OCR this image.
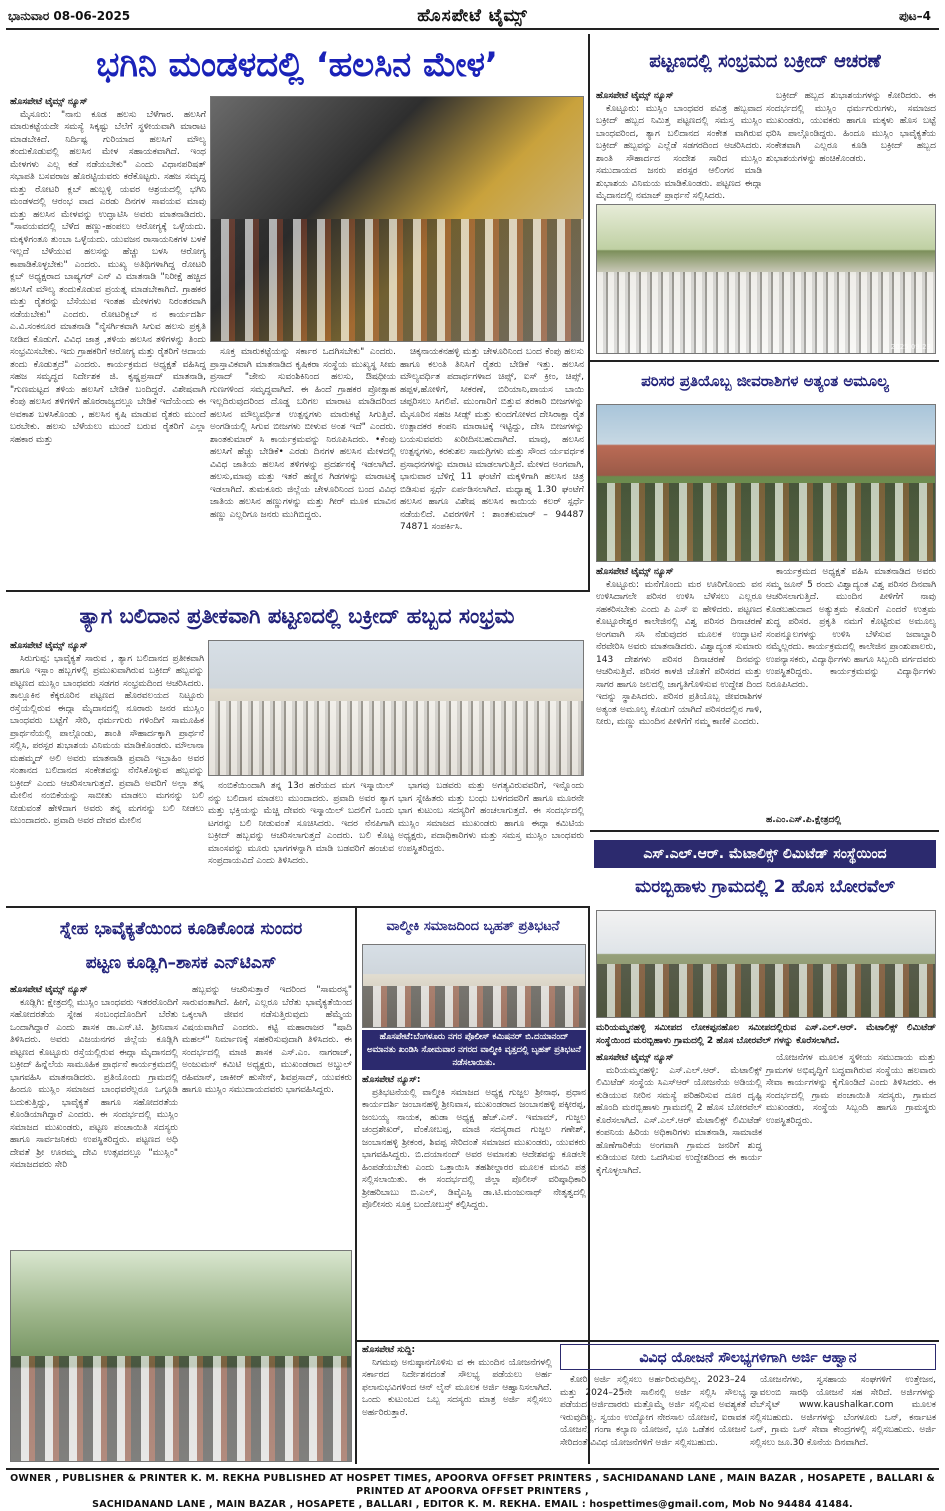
ಭಾನುವಾರ 08-06-2025	ಹೊಸಪೇಟೆ ಟೈಮ್ಸ್	ಪುಟ–4
ಭಗಿನಿ ಮಂಡಳದಲ್ಲಿ ‘ಹಲಸಿನ ಮೇಳ’
ಹೊಸಪೇಟೆ ಟೈಮ್ಸ್ ನ್ಯೂಸ್

ಮೈಸೂರು: "ನಾನು ಕೂಡ ಹಲಸು ಬೆಳೆಗಾರ. ಹಲಸಿಗೆ ಮಾರುಕಟ್ಟೆಯದೇ ಸಮಸ್ಯೆ ಸಿಕ್ಕಷ್ಟು ಬೆಲೆಗೆ ಸ್ಥಳೀಯವಾಗಿ ಮಾರಾಟ ಮಾಡಬೇಕಿದೆ. ನಿರ್ದಿಷ್ಟ ಗುರಿಯಾದ ಹಲಸಿಗೆ ಮೌಲ್ಯ ತಂದುಕೊಡುವಲ್ಲಿ ಹಲಸಿನ ಮೇಳ ಸಹಾಯಕವಾಗಿದೆ. ಇಂಥ ಮೇಳಗಳು ಎಲ್ಲ ಕಡೆ ನಡೆಯಬೇಕು" ಎಂದು ವಿಧಾನಪರಿಷತ್ ಸಭಾಪತಿ ಬಸವರಾಜ ಹೊರಟ್ಟಿಯವರು ಕರೆಕೊಟ್ಟರು. ಸಹಜ ಸಮೃದ್ಧ ಮತ್ತು ರೋಟರಿ ಕ್ಲಬ್ ಹುಬ್ಬಳ್ಳಿ ಯವರ ಆಶ್ರಯದಲ್ಲಿ ಭಗಿನಿ ಮಂಡಳದಲ್ಲಿ ಆರಂಭ ವಾದ ಎರಡು ದಿನಗಳ ಸಾವಯವ ಮಾವು ಮತ್ತು ಹಲಸಿನ ಮೇಳವನ್ನು ಉದ್ಘಾಟಿಸಿ ಅವರು ಮಾತನಾಡಿದರು. "ಸಾವಯವದಲ್ಲಿ ಬೆಳೆದ ಹಣ್ಣು-ಹಂಪಲು ಆರೋಗ್ಯಕ್ಕೆ ಒಳ್ಳೆಯದು. ಮಕ್ಕಳಿಗಂತೂ ತುಂಬಾ ಒಳ್ಳೆಯದು. ಯುವಜನ ರಾಸಾಯನಿಕಗಳ ಬಳಕೆ ಇಲ್ಲದೆ ಬೆಳೆಯುವ ಹಲಸನ್ನು ಹೆಚ್ಚು ಬಳಸಿ ಆರೋಗ್ಯ ಕಾಪಾಡಿಕೊಳ್ಳಬೇಕು" ಎಂದರು. ಮುಖ್ಯ ಅತಿಥಿಗಳಾಗಿದ್ದ ರೋಟರಿ ಕ್ಲಬ್ ಅಧ್ಯಕ್ಷರಾದ ಬಾಷ್ಯಗರ್ ಎನ್ ವಿ ಮಾತನಾಡಿ "ನಿರೀಕ್ಷೆ ಹಚ್ಚಿದ ಹಲಸಿಗೆ ಮೌಲ್ಯ ತಂದುಕೊಡುವ ಪ್ರಯತ್ನ ಮಾಡಬೇಕಾಗಿದೆ. ಗ್ರಾಹಕರ ಮತ್ತು ರೈತರನ್ನು ಬೆಸೆಯುವ ಇಂತಹ ಮೇಳಗಳು ನಿರಂತರವಾಗಿ ನಡೆಯಬೇಕು" ಎಂದರು. ರೋಟರಿಕ್ಲಬ್ ನ ಕಾರ್ಯದರ್ಶಿ ಎ.ವಿ.ಸಂಕನೂರ ಮಾತನಾಡಿ "ನೈಸರ್ಗಿಕವಾಗಿ ಸಿಗುವ ಹಲಸು ಪ್ರಕೃತಿ ನೀಡಿದ ಕೊಡುಗೆ. ವಿವಿಧ ಜಾತ್ರ ,ತಳಿಯ ಹಲಸಿನ ತಳಿಗಳನ್ನು ತಿಂದು ಸಂಭ್ರಮಿಸಬೇಕು. ಇದು ಗ್ರಾಹಕರಿಗೆ ಆರೋಗ್ಯ ಮತ್ತು ರೈತರಿಗೆ ಆದಾಯ ತಂದು ಕೊಡುತ್ತದೆ" ಎಂದರು. ಕಾರ್ಯಕ್ರಮದ ಅಧ್ಯಕ್ಷತೆ ವಹಿಸಿದ್ದ ಸಹಜ ಸಮೃದ್ಧದ ನಿರ್ದೇಶಕ ಜಿ. ಕೃಷ್ಣಪ್ರಸಾದ್ ಮಾತನಾಡಿ, "ಗುಣಮಟ್ಟದ ತಳಿಯ ಹಲಸಿಗೆ ಬೇಡಿಕೆ ಬಂದಿದ್ದರೆ. ವಿಶೇಷವಾಗಿ ಕೆಂಪು ಹಲಸಿನ ತಳಿಗಳಿಗೆ ಹೊರರಾಜ್ಯದಲ್ಲೂ ಬೇಡಿಕೆ ಇದೆಯೆಂದು ಈ ಅವಕಾಶ ಬಳಸಿಕೊಂಡು , ಹಲಸಿನ ಕೃಷಿ ಮಾಡುವ ರೈತರು ಮುಂದೆ ಬರಬೇಕು. ಹಲಸು ಬೆಳೆಯಲು ಮುಂದೆ ಬರುವ ರೈತರಿಗೆ ಎಲ್ಲಾ ಸಹಕಾರ ಮತ್ತು

ಸೂಕ್ತ ಮಾರುಕಟ್ಟೆಯನ್ನು ಸರ್ಕಾರ ಒದಗಿಸಬೇಕು" ಎಂದರು. ಪ್ರಾಸ್ತಾವಿಕವಾಗಿ ಮಾತನಾಡಿದ ಕೃಷಿಕರಾ ಸಂಸ್ಥೆಯ ಮುಖ್ಯಸ್ಥ ಸೀಮ ಪ್ರಸಾದ್ "ಜೇನು ಸುವಂಶಿಕಿನಿಂದ ಹಲಸು, ಔಷಧೀಯ ಗುಣಗಳಿಂದ ಸಮೃದ್ಧವಾಗಿದೆ. ಈ ಹಿಂದೆ ಗ್ರಾಹಕರ ಪ್ರೋತ್ಸಾಹ ಇಲ್ಲದಿರುವುದರಿಂದ ದೊಡ್ಡ ಬರಿಗಲ ಮಾರಾಟ ಮಾಡಿದರಿಂದ ಹಲಸಿನ ಮೌಲ್ಯವರ್ಧಿತ ಉತ್ಪನ್ನಗಳು ಮಾರುಕಟ್ಟೆ ಸಿಗುತ್ತಿವೆ. ಅಂಗಡಿಯಲ್ಲಿ ಸಿಗುವ ಬೀಜಗಳು ಬೀಳುವ ಅಂಶ ಇದೆ" ಎಂದರು. ಶಾಂತಕುಮಾರ್ ಸಿ ಕಾರ್ಯಕ್ರಮವನ್ನು ನಿರೂಪಿಸಿದರು. •ಕೆಂಪು ಹಲಸಿಗೆ ಹೆಚ್ಚು ಬೇಡಿಕೆ• ಎರಡು ದಿನಗಳ ಹಲಸಿನ ಮೇಳದಲ್ಲಿ ವಿವಿಧ ಜಾತಿಯ ಹಲಸಿನ ತಳಿಗಳನ್ನು ಪ್ರದರ್ಶನಕ್ಕೆ ಇಡಲಾಗಿದೆ. ಹಲಸು,ಮಾವು ಮತ್ತು ಇತರೆ ಹಣ್ಣಿನ ಗಿಡಗಳನ್ನು ಮಾರಾಟಕ್ಕೆ ಇಡಲಾಗಿದೆ. ತುಮಕೂರು ಜಿಲ್ಲೆಯ ಚೇಳೂರಿನಿಂದ ಬಂದ ವಿವಿಧ ಜಾತಿಯ ಹಲಸಿನ ಹಣ್ಣುಗಳನ್ನು ಮತ್ತು ಗೀರ್ ಮೂಕ ಮಾವಿನ ಹಣ್ಣು ಎಲ್ಲರಿಗೂ ಜನರು ಮುಗಿಬಿದ್ದರು.

ಚಿಕ್ಕನಾಯಕನಹಳ್ಳಿ ಮತ್ತು ಚೇಳೂರಿನಿಂದ ಬಂದ ಕೆಂಪು ಹಲಸು ಹಾಗೂ ಕಲಂತಿ ತಿನಿಸಿಗೆ ರೈತರು ಬೇಡಿಕೆ ಇತ್ತು. ಹಲಸಿನ ಮೌಲ್ಯವರ್ಧಿತ ಪದಾರ್ಥಗಳಾದ ಚಿಪ್ಸ್, ಐಸ್ ಕ್ರೀಂ, ಚಿಪ್ಸ್, ಹಪ್ಪಳ,ಹೋಳಿಗೆ, ಸೀಕರಣೆ, ಬಿರಿಯಾನಿ,ಪಾಯಸ ಬಾಯಿ ಚಪ್ಪರಿಸಲು ಸಿಗಲಿವೆ. ಮುಂಗಾರಿಗೆ ಬಿತ್ತುವ ತರಕಾರಿ ಬೀಜಗಳನ್ನು ಮೈಸೂರಿನ ಸಹಜ ಸೀಡ್ಸ್ ಮತ್ತು ಕುಂದಗೋಳದ ದೇಸಿರಾಕ್ಷಾ ರೈತ ಉತ್ಪಾದಕರ ಕಂಪನಿ ಮಾರಾಟಕ್ಕೆ ಇಟ್ಟಿದ್ದು, ದೇಸಿ ಬೀಜಗಳನ್ನು ಬಯಸುವವರು ಖರೀದಿಸಬಹುದಾಗಿದೆ. ಮಾವು, ಹಲಸಿನ ಉತ್ಪನ್ನಗಳು, ಕರಕುಶಲ ಸಾಮಗ್ರಿಗಳು ಮತ್ತು ಸೌಂದ ರ್ಯವರ್ಧಕ ಪ್ರಸಾಧನಗಳನ್ನು ಮಾರಾಟ ಮಾಡಲಾಗುತ್ತಿದೆ. ಮೇಳದ ಅಂಗವಾಗಿ, ಭಾನುವಾರ ಬೆಳಿಗ್ಗೆ 11 ಘಂಟೆಗೆ ಮಕ್ಕಳಿಗಾಗಿ ಹಲಸಿನ ಚಿತ್ರ ಬಿಡಿಸುವ ಸ್ಪರ್ಧೆ ಏರ್ಪಡಿಸಲಾಗಿದೆ. ಮಧ್ಯಾಹ್ನ 1.30 ಘಂಟೆಗೆ ಹಲಸಿನ ಹಾಗೂ ವಿಶೇಷ ಹಲಸಿನ ಕಾಯಿಯ ಕಲರ್ ಸ್ಪರ್ಧೆ ನಡೆಯಲಿದೆ. ವಿವರಗಳಿಗೆ : ಶಾಂತಕುಮಾರ್ – 94487 74871 ಸಂಪರ್ಕಿಸಿ.

ಪಟ್ಟಣದಲ್ಲಿ ಸಂಭ್ರಮದ ಬಕ್ರೀದ್ ಆಚರಣೆ
ಹೊಸಪೇಟೆ ಟೈಮ್ಸ್ ನ್ಯೂಸ್

ಕೊಟ್ಟೂರು: ಮುಸ್ಲಿಂ ಬಾಂಧವರ ಪವಿತ್ರ ಹಬ್ಬವಾದ ಬಕ್ರೀದ್ ಹಬ್ಬದ ನಿಮಿತ್ತ ಪಟ್ಟಣದಲ್ಲಿ ಸಮಸ್ತ ಮುಸ್ಲಿಂ ಬಾಂಧವರಿಂದ, ತ್ಯಾಗ ಬಲಿದಾನದ ಸಂಕೇತ ವಾಗಿರುವ ಬಕ್ರೀದ್ ಹಬ್ಬವನ್ನು ಎಲ್ಲೆಡೆ ಸಡಗರದಿಂದ ಆಚರಿಸಿದರು. ಶಾಂತಿ ಸೌಹಾರ್ದದ ಸಂದೇಶ ಸಾರಿದ ಮುಸ್ಲಿಂ ಸಮುದಾಯದ ಜನರು ಪರಸ್ಪರ ಆಲಿಂಗನ ಮಾಡಿ ಶುಭಾಶಯ ವಿನಿಮಯ ಮಾಡಿಕೊಂಡರು. ಪಟ್ಟಣದ ಈದ್ಗಾ ಮೈದಾನದಲ್ಲಿ ನಮಾಜ್ ಪ್ರಾರ್ಥನೆ ಸಲ್ಲಿಸಿದರು.

ಬಕ್ರೀದ್ ಹಬ್ಬದ ಶುಭಾಶಯಗಳನ್ನು ಕೋರಿದರು. ಈ ಸಂದರ್ಭದಲ್ಲಿ ಮುಸ್ಲಿಂ ಧರ್ಮಗುರುಗಳು, ಸಮಾಜದ ಮುಖಂಡರು, ಯುವಕರು ಹಾಗೂ ಮಕ್ಕಳು ಹೊಸ ಬಟ್ಟೆ ಧರಿಸಿ ಪಾಲ್ಗೊಂಡಿದ್ದರು. ಹಿಂದೂ ಮುಸ್ಲಿಂ ಭಾವೈಕ್ಯತೆಯ ಸಂಕೇತವಾಗಿ ಎಲ್ಲರೂ ಕೂಡಿ ಬಕ್ರೀದ್ ಹಬ್ಬದ ಶುಭಾಶಯಗಳನ್ನು ಹಂಚಿಕೊಂಡರು.

2025 09:23
ಪರಿಸರ ಪ್ರತಿಯೊಬ್ಬ ಜೀವರಾಶಿಗಳ ಅತ್ಯಂತ ಅಮೂಲ್ಯ
ಹೊಸಪೇಟೆ ಟೈಮ್ಸ್ ನ್ಯೂಸ್

ಕೊಟ್ಟೂರು: ಮನೆಗೊಂದು ಮರ ಊರಿಗೊಂದು ವನ ಉಳಿಸಿದಾಗಲೇ ಪರಿಸರ ಉಳಿಸಿ ಬೆಳೆಸಲು ಎಲ್ಲರೂ ಸಹಕರಿಸಬೇಕು ಎಂದು ಪಿ ಎಸ್ ಐ ಹೇಳಿದರು. ಪಟ್ಟಣದ ಕೊಟ್ಟೂರೇಶ್ವರ ಕಾಲೇಜಿನಲ್ಲಿ ವಿಶ್ವ ಪರಿಸರ ದಿನಾಚರಣೆ ಅಂಗವಾಗಿ ಸಸಿ ನೆಡುವುದರ ಮೂಲಕ ಉದ್ಘಾಟನೆ ನೆರವೇರಿಸಿ ಅವರು ಮಾತನಾಡಿದರು. ವಿಶ್ವಾದ್ಯಂತ ಸುಮಾರು 143 ದೇಶಗಳು ಪರಿಸರ ದಿನಾಚರಣೆ ದಿನವನ್ನು ಆಚರಿಸುತ್ತಿವೆ. ಪರಿಸರ ಕಾಳಜಿ ಜೊತೆಗೆ ಪರಿಸರದ ಮತ್ತು ಸಾಗರ ಹಾಗೂ ಜಲದಲ್ಲಿ ಜಾಗೃತಿಗೊಳಿಸುವ ಉದ್ದೇಶ ದಿಂದ ಇದನ್ನು ಸ್ಥಾಪಿಸಿದರು. ಪರಿಸರ ಪ್ರತಿಯೊಬ್ಬ ಜೀವರಾಶಿಗಳ ಅತ್ಯಂತ ಅಮೂಲ್ಯ ಕೊಡುಗೆ ಯಾಗಿದೆ ಪರಿಸರದಲ್ಲಿನ ಗಾಳಿ, ನೀರು, ಮಣ್ಣು ಮುಂದಿನ ಪೀಳಿಗೆಗೆ ನಮ್ಮ ಕಾಣಿಕೆ ಎಂದರು.

ಕಾರ್ಯಕ್ರಮದ ಅಧ್ಯಕ್ಷತೆ ವಹಿಸಿ ಮಾತನಾಡಿದ ಅವರು ಸಮ್ಮ ಜೂನ್ 5 ರಂದು ವಿಶ್ವಾದ್ಯಂತ ವಿಶ್ವ ಪರಿಸರ ದಿನವಾಗಿ ಆಚರಿಸಲಾಗುತ್ತಿದೆ. ಮುಂದಿನ ಪೀಳಿಗೆಗೆ ನಾವು ಕೊಡಬಹುದಾದ ಅತ್ಯುತ್ತಮ ಕೊಡುಗೆ ಎಂದರೆ ಉತ್ತಮ ಶುದ್ಧ ಪರಿಸರ. ಪ್ರಕೃತಿ ನಮಗೆ ಕೊಟ್ಟಿರುವ ಅಮೂಲ್ಯ ಸಂಪನ್ಮೂಲಗಳನ್ನು ಉಳಿಸಿ ಬೆಳೆಸುವ ಜವಾಬ್ದಾರಿ ನಮ್ಮೆಲ್ಲರದು. ಕಾರ್ಯಕ್ರಮದಲ್ಲಿ ಕಾಲೇಜಿನ ಪ್ರಾಂಶುಪಾಲರು, ಉಪನ್ಯಾಸಕರು, ವಿದ್ಯಾರ್ಥಿಗಳು ಹಾಗೂ ಸಿಬ್ಬಂದಿ ವರ್ಗದವರು ಉಪಸ್ಥಿತರಿದ್ದರು. ಕಾರ್ಯಕ್ರಮವನ್ನು ವಿದ್ಯಾರ್ಥಿಗಳು ನಿರೂಪಿಸಿದರು.

ಹ.ಎಂ.ಎಸ್.ಪಿ.ಕ್ಷೇತ್ರದಲ್ಲಿ
ತ್ಯಾಗ ಬಲಿದಾನ ಪ್ರತೀಕವಾಗಿ ಪಟ್ಟಣದಲ್ಲಿ ಬಕ್ರೀದ್ ಹಬ್ಬದ ಸಂಭ್ರಮ
ಹೊಸಪೇಟೆ ಟೈಮ್ಸ್ ನ್ಯೂಸ್

ಸಿರುಗುಪ್ಪ: ಭಾವೈಕ್ಯತೆ ಸಾರುವ , ತ್ಯಾಗ ಬಲಿದಾನದ ಪ್ರತೀಕವಾಗಿ ಹಾಗೂ ಇಸ್ಲಾಂ ಹಬ್ಬಗಳಲ್ಲಿ ಪ್ರಮುಖವಾಗಿರುವ ಬಕ್ರೀದ್ ಹಬ್ಬವನ್ನು ಪಟ್ಟಣದ ಮುಸ್ಲಿಂ ಬಾಂಧವರು ಸಡಗರ ಸಂಭ್ರಮದಿಂದ ಆಚರಿಸಿದರು. ತಾಲ್ಲೂಕಿನ ಕೆಕ್ಕರೂರಿನ ಪಟ್ಟಣದ ಹೊರವಲಯದ ನಿಟ್ಟೂರು ರಸ್ತೆಯಲ್ಲಿರುವ ಈದ್ಗಾ ಮೈದಾನದಲ್ಲಿ ನೂರಾರು ಜನರ ಮುಸ್ಲಿಂ ಬಾಂಧವರು ಬಟ್ಟೆಗೆ ಸೇರಿ, ಧರ್ಮಗುರು ಗಳಿಂದಿಗೆ ಸಾಮೂಹಿಕ ಪ್ರಾರ್ಥನೆಯಲ್ಲಿ ಪಾಲ್ಗೊಂಡು, ಶಾಂತಿ ಸೌಹಾರ್ದಕ್ಕಾಗಿ ಪ್ರಾರ್ಥನೆ ಸಲ್ಲಿಸಿ, ಪರಸ್ಪರ ಶುಭಾಶಯ ವಿನಿಮಯ ಮಾಡಿಕೊಂಡರು. ಮೌಲಾನಾ ಮಹಮ್ಮದ್ ಅಲಿ ಅವರು ಮಾತನಾಡಿ ಪ್ರವಾದಿ ಇಬ್ರಾಹಿಂ ಅವರ ಸಂತಾನದ ಬಲಿದಾನದ ಸಂಕೇತವನ್ನು ನೆನೆಸಿಕೊಳ್ಳುವ ಹಬ್ಬವನ್ನು ಬಕ್ರೀದ್ ಎಂದು ಆಚರಿಸಲಾಗುತ್ತದೆ. ಪ್ರವಾದಿ ಅವರಿಗೆ ಅಲ್ಲಾ ತನ್ನ ಮೇಲಿನ ನಂಬಿಕೆಯನ್ನು ಸಾಬೀತು ಮಾಡಲು ಮಗನನ್ನು ಬಲಿ ನೀಡುವಂತೆ ಹೇಳಿದಾಗ ಅವರು ತನ್ನ ಮಗನನ್ನು ಬಲಿ ನೀಡಲು ಮುಂದಾದರು. ಪ್ರವಾದಿ ಅವರ ದೇವರ ಮೇಲಿನ

ನಂಬಿಕೆಯಿಂದಾಗಿ ತನ್ನ 13ರ ಹರೆಯದ ಮಗ ಇಸ್ಮಾಯಿಲ್ ನನ್ನು ಬಲಿದಾನ ಮಾಡಲು ಮುಂದಾದರು. ಪ್ರವಾದಿ ಅವರ ತ್ಯಾಗ ಮತ್ತು ಭಕ್ತಿಯನ್ನು ಮೆಚ್ಚಿ ದೇವರು ಇಸ್ಮಾಯಿಲ್ ಬದಲಿಗೆ ಒಂದು ಟಗರನ್ನು ಬಲಿ ನೀಡುವಂತೆ ಸೂಚಿಸಿದರು. ಇದರ ನೆನಪಿಗಾಗಿ ಬಕ್ರೀದ್ ಹಬ್ಬವನ್ನು ಆಚರಿಸಲಾಗುತ್ತದೆ ಎಂದರು. ಬಲಿ ಕೊಟ್ಟ ಮಾಂಸವನ್ನು ಮೂರು ಭಾಗಗಳನ್ನಾಗಿ ಮಾಡಿ ಬಡವರಿಗೆ ಹಂಚುವ ಸಂಪ್ರದಾಯವಿದೆ ಎಂದು ತಿಳಿಸಿದರು.

ಭಾಗವು ಬಡವರು ಮತ್ತು ಅಗತ್ಯವಿರುವವರಿಗೆ, ಇನ್ನೊಂದು ಭಾಗ ಸ್ನೇಹಿತರು ಮತ್ತು ಬಂಧು ಬಳಗದವರಿಗೆ ಹಾಗೂ ಮೂರನೇ ಭಾಗ ಕುಟುಂಬ ಸದಸ್ಯರಿಗೆ ಹಂಚಲಾಗುತ್ತದೆ. ಈ ಸಂದರ್ಭದಲ್ಲಿ ಮುಸ್ಲಿಂ ಸಮಾಜದ ಮುಖಂಡರು ಹಾಗೂ ಈದ್ಗಾ ಕಮಿಟಿಯ ಅಧ್ಯಕ್ಷರು, ಪದಾಧಿಕಾರಿಗಳು ಮತ್ತು ಸಮಸ್ತ ಮುಸ್ಲಿಂ ಬಾಂಧವರು ಉಪಸ್ಥಿತರಿದ್ದರು.	ಎಸ್.ಎಲ್.ಆರ್. ಮೆಟಾಲಿಕ್ಸ್ ಲಿಮಿಟೆಡ್ ಸಂಸ್ಥೆಯಿಂದ
ಮರಬ್ಬಿಹಾಳು ಗ್ರಾಮದಲ್ಲಿ 2 ಹೊಸ ಬೋರವೆಲ್
ಮರಿಯಮ್ಮನಹಳ್ಳಿ ಸಮೀಪದ ಲೋಕಪ್ಪನಹೊಲ ಸಮೀಪದಲ್ಲಿರುವ ಎಸ್.ಎಲ್.ಆರ್. ಮೆಟಾಲಿಕ್ಸ್ ಲಿಮಿಟೆಡ್ ಸಂಸ್ಥೆಯಿಂದ ಮರಬ್ಬಿಹಾಳು ಗ್ರಾಮದಲ್ಲಿ 2 ಹೊಸ ಬೋರವೆಲ್ ಗಳನ್ನು ಕೊರೆಸಲಾಗಿದೆ.
ಹೊಸಪೇಟೆ ಟೈಮ್ಸ್ ನ್ಯೂಸ್

ಮರಿಯಮ್ಮನಹಳ್ಳಿ: ಎಸ್.ಎಲ್.ಆರ್. ಮೆಟಾಲಿಕ್ಸ್ ಲಿಮಿಟೆಡ್ ಸಂಸ್ಥೆಯ ಸಿಎಸ್ಆರ್ ಯೋಜನೆಯ ಅಡಿಯಲ್ಲಿ ಕುಡಿಯುವ ನೀರಿನ ಸಮಸ್ಯೆ ಪರಿಹರಿಸುವ ದೂರ ದೃಷ್ಟಿ ಹೊಂದಿ ಮರಬ್ಬಿಹಾಳು ಗ್ರಾಮದಲ್ಲಿ 2 ಹೊಸ ಬೋರವೆಲ್ ಕೊರೆಸಲಾಗಿದೆ. ಎಸ್.ಎಲ್.ಆರ್ ಮೆಟಾಲಿಕ್ಸ್ ಲಿಮಿಟೆಡ್ ಕಂಪನಿಯ ಹಿರಿಯ ಅಧಿಕಾರಿಗಳು ಮಾತನಾಡಿ, ಸಾಮಾಜಿಕ ಹೊಣೆಗಾರಿಕೆಯ ಅಂಗವಾಗಿ ಗ್ರಾಮದ ಜನರಿಗೆ ಶುದ್ಧ ಕುಡಿಯುವ ನೀರು ಒದಗಿಸುವ ಉದ್ದೇಶದಿಂದ ಈ ಕಾರ್ಯ ಕೈಗೊಳ್ಳಲಾಗಿದೆ.

ಯೋಜನೆಗಳ ಮೂಲಕ ಸ್ಥಳೀಯ ಸಮುದಾಯ ಮತ್ತು ಗ್ರಾಮಗಳ ಅಭಿವೃದ್ಧಿಗೆ ಬದ್ಧವಾಗಿರುವ ಸಂಸ್ಥೆಯು ಹಲವಾರು ಸೇವಾ ಕಾರ್ಯಗಳನ್ನು ಕೈಗೊಂಡಿದೆ ಎಂದು ತಿಳಿಸಿದರು. ಈ ಸಂದರ್ಭದಲ್ಲಿ ಗ್ರಾಮ ಪಂಚಾಯಿತಿ ಸದಸ್ಯರು, ಗ್ರಾಮದ ಮುಖಂಡರು, ಸಂಸ್ಥೆಯ ಸಿಬ್ಬಂದಿ ಹಾಗೂ ಗ್ರಾಮಸ್ಥರು ಉಪಸ್ಥಿತರಿದ್ದರು.

ಸ್ನೇಹ ಭಾವೈಕ್ಯತೆಯಿಂದ ಕೂಡಿಕೊಂಡ ಸುಂದರ
ಪಟ್ಟಣ ಕೂಡ್ಲಿಗಿ–ಶಾಸಕ ಎನ್‌ಟಿಎಸ್
ಹೊಸಪೇಟೆ ಟೈಮ್ಸ್ ನ್ಯೂಸ್

ಕೂಡ್ಲಿಗಿ: ಕ್ಷೇತ್ರದಲ್ಲಿ ಮುಸ್ಲಿಂ ಬಾಂಧವರು ಇತರರೊಂದಿಗೆ ಸಹೋದರತೆಯ ಸ್ನೇಹ ಸಂಬಂಧದೊಂದಿಗೆ ಬೆರೆತು ಒಂದಾಗಿದ್ದಾರೆ ಎಂದು ಶಾಸಕ ಡಾ.ಎನ್.ಟಿ. ಶ್ರೀನಿವಾಸ ತಿಳಿಸಿದರು. ಅವರು ವಿಜಯನಗರ ಜಿಲ್ಲೆಯ ಕೂಡ್ಲಿಗಿ ಪಟ್ಟಣದ ಕೊಟ್ಟೂರು ರಸ್ತೆಯಲ್ಲಿರುವ ಈದ್ಗಾ ಮೈದಾನದಲ್ಲಿ ಬಕ್ರೀದ್ ಹಿನ್ನೆಲೆಯ ಸಾಮೂಹಿಕ ಪ್ರಾರ್ಥನೆ ಕಾರ್ಯಕ್ರಮದಲ್ಲಿ ಭಾಗವಹಿಸಿ ಮಾತನಾಡಿದರು. ಪ್ರತಿಯೊಂದು ಗ್ರಾಮದಲ್ಲಿ ಹಿಂದೂ ಮುಸ್ಲಿಂ ಸಮಾಜದ ಬಾಂಧವರೆಲ್ಲರೂ ಒಗ್ಗೂಡಿ ಬದುಕುತ್ತಿದ್ದು, ಭಾವೈಕ್ಯತೆ ಹಾಗೂ ಸಹೋದರತೆಯ ಕೊಂಡಿಯಾಗಿದ್ದಾರೆ ಎಂದರು. ಈ ಸಂದರ್ಭದಲ್ಲಿ ಮುಸ್ಲಿಂ ಸಮಾಜದ ಮುಖಂಡರು, ಪಟ್ಟಣ ಪಂಚಾಯಿತಿ ಸದಸ್ಯರು ಹಾಗೂ ಸಾರ್ವಜನಿಕರು ಉಪಸ್ಥಿತರಿದ್ದರು. ಪಟ್ಟಣದ ಅಧಿ ದೇವತೆ ಶ್ರೀ ಊರಮ್ಮ ದೇವಿ ಉತ್ಸವದಲ್ಲೂ "ಮುಸ್ಲಿಂ" ಸಮಾಜದವರು ಸೇರಿ

ಹಬ್ಬವನ್ನು ಆಚರಿಸುತ್ತಾರೆ ಇದರಿಂದ "ಸಾಮರಸ್ಯ" ಸಾರುವಂತಾಗಿದೆ. ಹೀಗೆ, ಎಲ್ಲರೂ ಬೆರೆತು ಭಾವೈಕ್ಯತೆಯಿಂದ ಒಕ್ಕಲಾಗಿ ಜೀವನ ನಡೆಸುತ್ತಿರುವುದು ಹೆಮ್ಮೆಯ ವಿಷಯವಾಗಿದೆ ಎಂದರು. ಕಟ್ಟಿ ಮಹಾರಾಜರ "ಷಾದಿ ಮಹಲ್" ನಿರ್ಮಾಣಕ್ಕೆ ಸಹಕರಿಸುವುದಾಗಿ ತಿಳಿಸಿದರು. ಈ ಸಂದರ್ಭದಲ್ಲಿ ಮಾಜಿ ಶಾಸಕ ಎಸ್.ಎಂ. ನಾಗರಾಜ್, ಅಂಜುಮನ್ ಕಮಿಟಿ ಅಧ್ಯಕ್ಷರು, ಮುಖಂಡರಾದ ಅಬ್ದುಲ್ ರಹಿಮಾನ್, ಜಾಕೀರ್ ಹುಸೇನ್, ಶಿವಪ್ರಸಾದ್, ಯುವಕರು ಹಾಗೂ ಮುಸ್ಲಿಂ ಸಮುದಾಯದವರು ಭಾಗವಹಿಸಿದ್ದರು.

ವಾಲ್ಮೀಕಿ ಸಮಾಜದಿಂದ ಬೃಹತ್ ಪ್ರತಿಭಟನೆ
ಹೊಸಪೇಟೆ:ಬೆಂಗಳೂರು ನಗರ ಪೊಲೀಸ್ ಕಮಿಷನರ್ ಬಿ.ದಯಾನಂದ್ ಅಮಾನತು ಖಂಡಿಸಿ ಸೋಮವಾರ ನಗರದ ವಾಲ್ಮೀಕಿ ವೃತ್ತದಲ್ಲಿ ಬೃಹತ್ ಪ್ರತಿಭಟನೆ ನಡೆಸಲಾಯಿತು.
ಹೊಸಪೇಟೆ ನ್ಯೂಸ್:

ಪ್ರತಿಭಟನೆಯಲ್ಲಿ ವಾಲ್ಮೀಕಿ ಸಮಾಜದ ಅಧ್ಯಕ್ಷ ಗುಜ್ಜಲ ಶ್ರೀನಾಥ, ಪ್ರಧಾನ ಕಾರ್ಯದರ್ಶಿ ಜಂಬಾನಹಳ್ಳಿ ಶ್ರೀನಿವಾಸ, ಮುಖಂಡರಾದ ಜಂಬಾನಹಳ್ಳಿ ಪಕ್ಕೀರಪ್ಪ, ಜಂಬಯ್ಯ ನಾಯಕ, ಹುಡಾ ಅಧ್ಯಕ್ಷ ಹೆಚ್.ಎನ್. ಇಮಾಮ್, ಗುಜ್ಜಲ ಚಂದ್ರಶೇಖರ್, ವೆಂಕೋಬಪ್ಪ, ಮಾಜಿ ಸದಸ್ಯರಾದ ಗುಜ್ಜಲ ಗಣೇಶ್, ಜಂಬಾನಹಳ್ಳಿ ಶ್ರೀಕಂಠ, ಶಿವಪ್ಪ ಸೇರಿದಂತೆ ಸಮಾಜದ ಮುಖಂಡರು, ಯುವಕರು ಭಾಗವಹಿಸಿದ್ದರು. ಬಿ.ದಯಾನಂದ್ ಅವರ ಅಮಾನತು ಆದೇಶವನ್ನು ಕೂಡಲೇ ಹಿಂಪಡೆಯಬೇಕು ಎಂದು ಒತ್ತಾಯಿಸಿ ತಹಶೀಲ್ದಾರರ ಮೂಲಕ ಮನವಿ ಪತ್ರ ಸಲ್ಲಿಸಲಾಯಿತು. ಈ ಸಂದರ್ಭದಲ್ಲಿ ಜಿಲ್ಲಾ ಪೊಲೀಸ್ ವರಿಷ್ಠಾಧಿಕಾರಿ ಶ್ರೀಹರಿಬಾಬು ಬಿ.ಎಲ್, ಡಿವೈಎಸ್ಪಿ ಡಾ.ಟಿ.ಮಂಜುನಾಥ್ ನೇತೃತ್ವದಲ್ಲಿ ಪೊಲೀಸರು ಸೂಕ್ತ ಬಂದೋಬಸ್ತ್ ಕಲ್ಪಿಸಿದ್ದರು.

ವಿವಿಧ ಯೋಜನೆ ಸೌಲಭ್ಯಗಳಿಗಾಗಿ ಅರ್ಜಿ ಆಹ್ವಾನ
ಹೊಸಪೇಟೆ ಸುದ್ದಿ:

ನಿಗಮವು ಅನುಷ್ಠಾನಗೊಳಿಸು ವ ಈ ಮುಂದಿನ ಯೋಜನೆಗಳಲ್ಲಿ ಸರ್ಕಾರದ ನಿರ್ದೇಶನದಂತೆ ಸೌಲಭ್ಯ ಪಡೆಯಲು ಅರ್ಹ ಫಲಾನುಭವಿಗಳಿಂದ ಆನ್ ಲೈನ್ ಮೂಲಕ ಅರ್ಜಿ ಆಹ್ವಾನಿಸಲಾಗಿದೆ. ಒಂದು ಕುಟುಂಬದ ಒಬ್ಬ ಸದಸ್ಯರು ಮಾತ್ರ ಅರ್ಜಿ ಸಲ್ಲಿಸಲು ಅರ್ಹರಿರುತ್ತಾರೆ.

ಕೋರಿ ಅರ್ಜಿ ಸಲ್ಲಿಸಲು ಅರ್ಹರಿರುವುದಿಲ್ಲ. 2023–24 ಮತ್ತು 2024–25ನೇ ಸಾಲಿನಲ್ಲಿ ಅರ್ಜಿ ಸಲ್ಲಿಸಿ ಸೌಲಭ್ಯ ಪಡೆಯದ ಅರ್ಜಿದಾರರು ಮತ್ತೊಮ್ಮೆ ಅರ್ಜಿ ಸಲ್ಲಿಸುವ ಅವಶ್ಯಕತೆ ಇರುವುದಿಲ್ಲ. ಸ್ವಯಂ ಉದ್ಯೋಗ ನೇರಸಾಲ ಯೋಜನೆ, ಐರಾವತ ಯೋಜನೆ, ಗಂಗಾ ಕಲ್ಯಾಣ ಯೋಜನೆ, ಭೂ ಒಡೆತನ ಯೋಜನೆ ಸೇರಿದಂತೆ ವಿವಿಧ ಯೋಜನೆಗಳಿಗೆ ಅರ್ಜಿ ಸಲ್ಲಿಸಬಹುದು.

ಯೋಜನೆಗಳು, ಸ್ವಸಹಾಯ ಸಂಘಗಳಿಗೆ ಉತ್ತೇಜನ, ಸ್ವಾವಲಂಬಿ ಸಾರಥಿ ಯೋಜನೆ ಸಹ ಸೇರಿದೆ. ಅರ್ಜಿಗಳನ್ನು ವೆಬ್‌ಸೈಟ್ www.kaushalkar.com ಮೂಲಕ ಸಲ್ಲಿಸಬಹುದು. ಅರ್ಜಿಗಳನ್ನು ಬೆಂಗಳೂರು ಒನ್, ಕರ್ನಾಟಕ ಒನ್, ಗ್ರಾಮ ಒನ್ ಸೇವಾ ಕೇಂದ್ರಗಳಲ್ಲಿ ಸಲ್ಲಿಸಬಹುದು. ಅರ್ಜಿ ಸಲ್ಲಿಸಲು ಜೂ.30 ಕೊನೆಯ ದಿನವಾಗಿದೆ.

OWNER , PUBLISHER & PRINTER K. M. REKHA PUBLISHED AT HOSPET TIMES, APOORVA OFFSET PRINTERS , SACHIDANAND LANE , MAIN BAZAR , HOSAPETE , BALLARI & PRINTED AT APOORVA OFFSET PRINTERS ,
SACHIDANAND LANE , MAIN BAZAR , HOSAPETE , BALLARI , EDITOR K. M. REKHA. EMAIL : hospettimes@gmail.com, Mob No 94484 41484.
